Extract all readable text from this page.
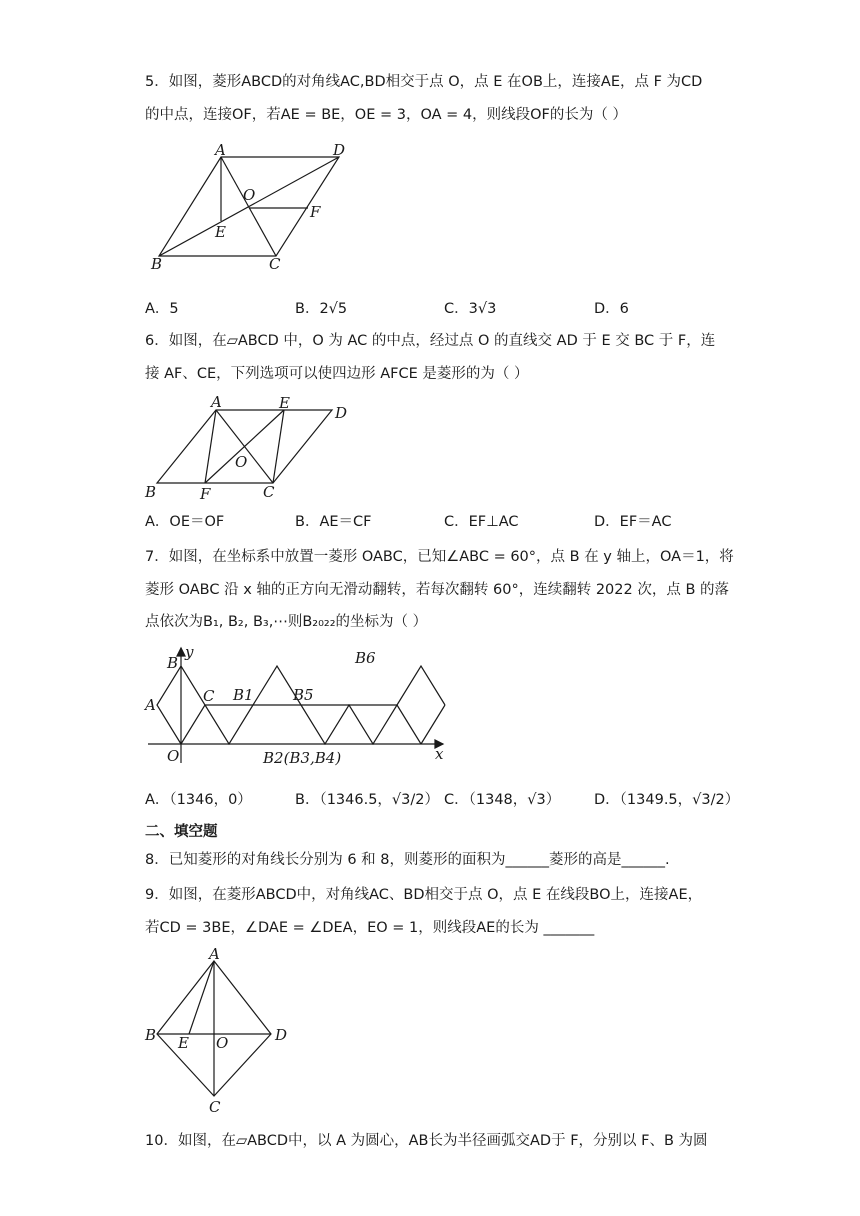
5．如图，菱形ABCD的对角线AC,BD相交于点 O，点 E 在OB上，连接AE，点 F 为CD
的中点，连接OF，若AE = BE，OE = 3，OA = 4，则线段OF的长为（ ）
A	D
O
F
E
B	C
A．5	B．2√5	C．3√3	D．6
6．如图，在▱ABCD 中，O 为 AC 的中点，经过点 O 的直线交 AD 于 E 交 BC 于 F，连
接 AF、CE，下列选项可以使四边形 AFCE 是菱形的为（ ）
A	E
D
O
B	F	C
A．OE＝OF	B．AE＝CF	C．EF⊥AC	D．EF＝AC
7．如图，在坐标系中放置一菱形 OABC，已知∠ABC = 60°，点 B 在 y 轴上，OA＝1，将
菱形 OABC 沿 x 轴的正方向无滑动翻转，若每次翻转 60°，连续翻转 2022 次，点 B 的落
点依次为B₁, B₂, B₃,⋯则B₂₀₂₂的坐标为（ ）
B
y
A	C B1	B5
B6
O	B2(B3,B4)	x
A．（1346，0）	B．（1346.5，√3/2） C．（1348，√3） D．（1349.5，√3/2）
二、填空题
8．已知菱形的对角线长分别为 6 和 8，则菱形的面积为______菱形的高是______.
9．如图，在菱形ABCD中，对角线AC、BD相交于点 O，点 E 在线段BO上，连接AE，
若CD = 3BE，∠DAE = ∠DEA，EO = 1，则线段AE的长为 _______
A
B E O	D
C
10．如图，在▱ABCD中，以 A 为圆心，AB长为半径画弧交AD于 F，分别以 F、B 为圆
